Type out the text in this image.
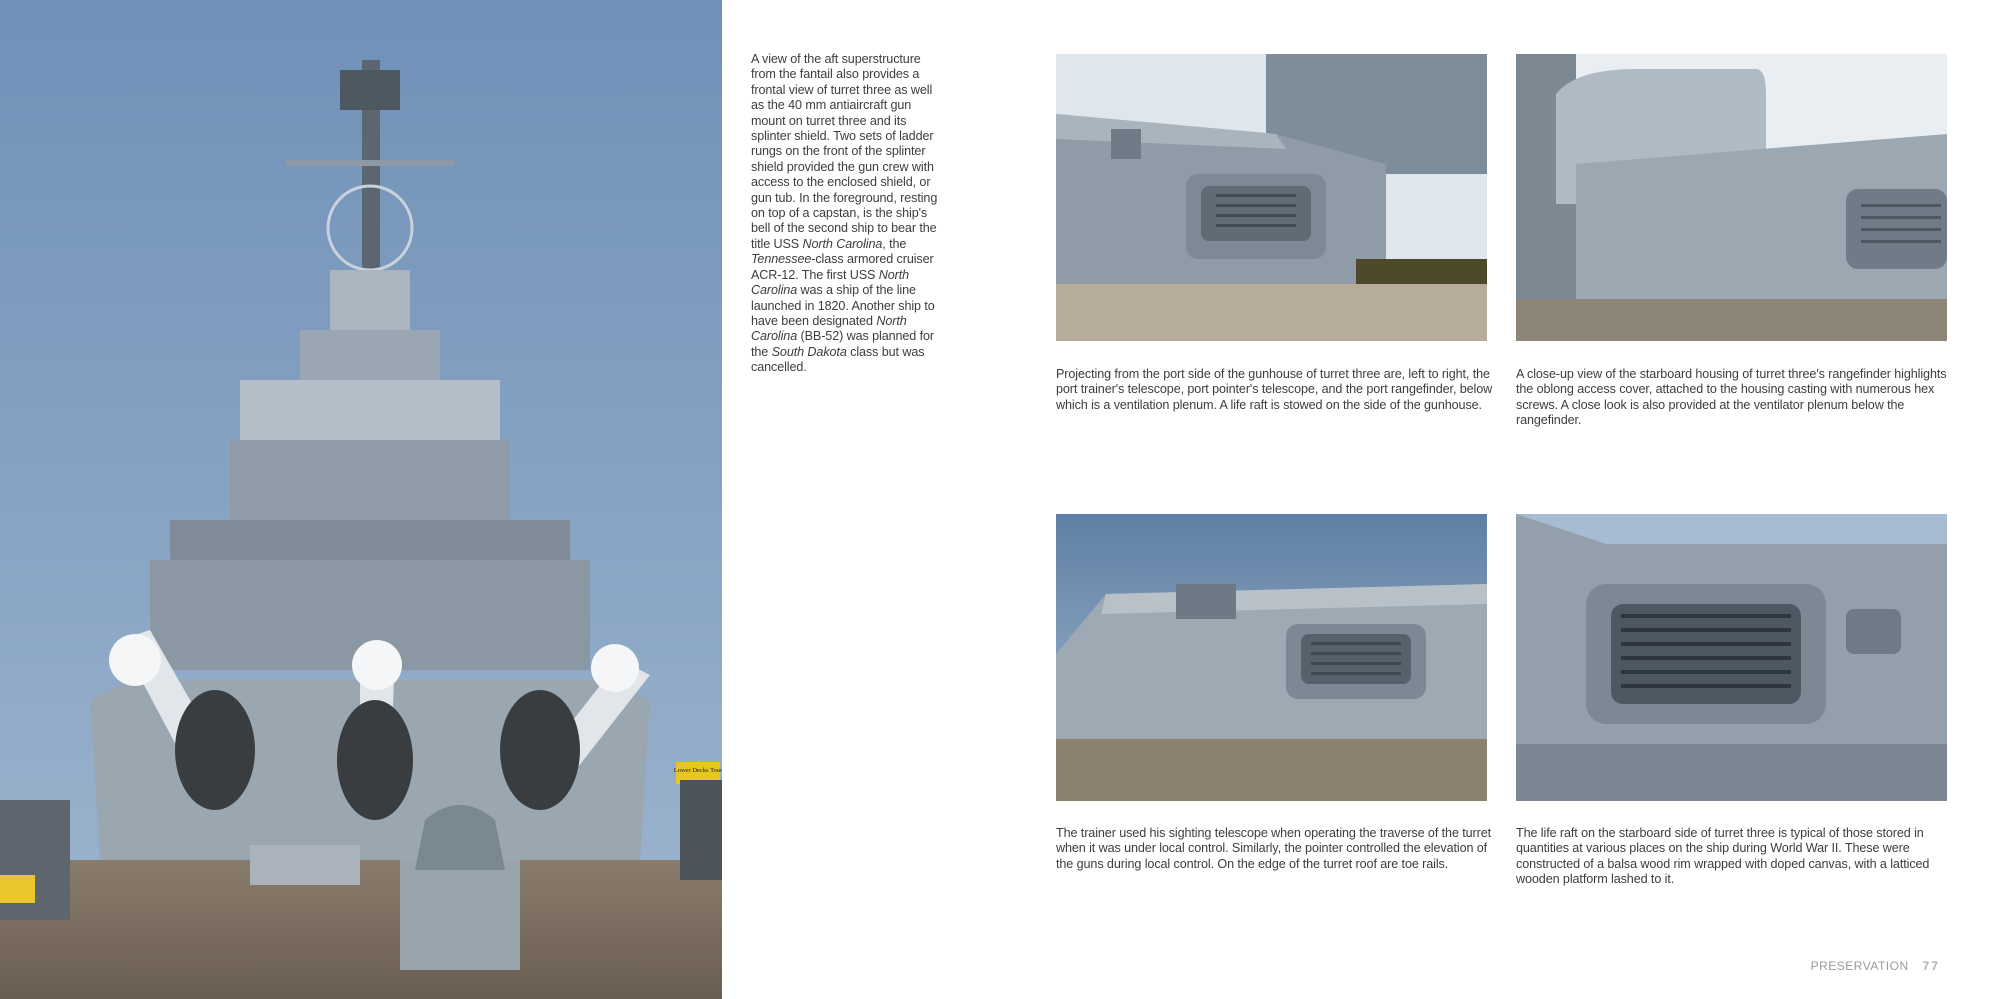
Lower Decks Tour
A view of the aft superstructure from the fantail also provides a frontal view of turret three as well as the 40 mm antiaircraft gun mount on turret three and its splinter shield. Two sets of ladder rungs on the front of the splinter shield provided the gun crew with access to the enclosed shield, or gun tub. In the foreground, resting on top of a capstan, is the ship's bell of the second ship to bear the title USS North Carolina, the Tennessee-class armored cruiser ACR-12. The first USS North Carolina was a ship of the line launched in 1820. Another ship to have been designated North Carolina (BB-52) was planned for the South Dakota class but was cancelled.	Projecting from the port side of the gunhouse of turret three are, left to right, the port trainer's telescope, port pointer's telescope, and the port rangefinder, below which is a ventilation plenum. A life raft is stowed on the side of the gunhouse.
A close-up view of the starboard housing of turret three's rangefinder highlights the oblong access cover, attached to the housing casting with numerous hex screws. A close look is also provided at the ventilator plenum below the rangefinder.
The trainer used his sighting telescope when operating the traverse of the turret when it was under local control. Similarly, the pointer controlled the elevation of the guns during local control. On the edge of the turret roof are toe rails.
The life raft on the starboard side of turret three is typical of those stored in quantities at various places on the ship during World War II. These were constructed of a balsa wood rim wrapped with doped canvas, with a latticed wooden platform lashed to it.
PRESERVATION 77
